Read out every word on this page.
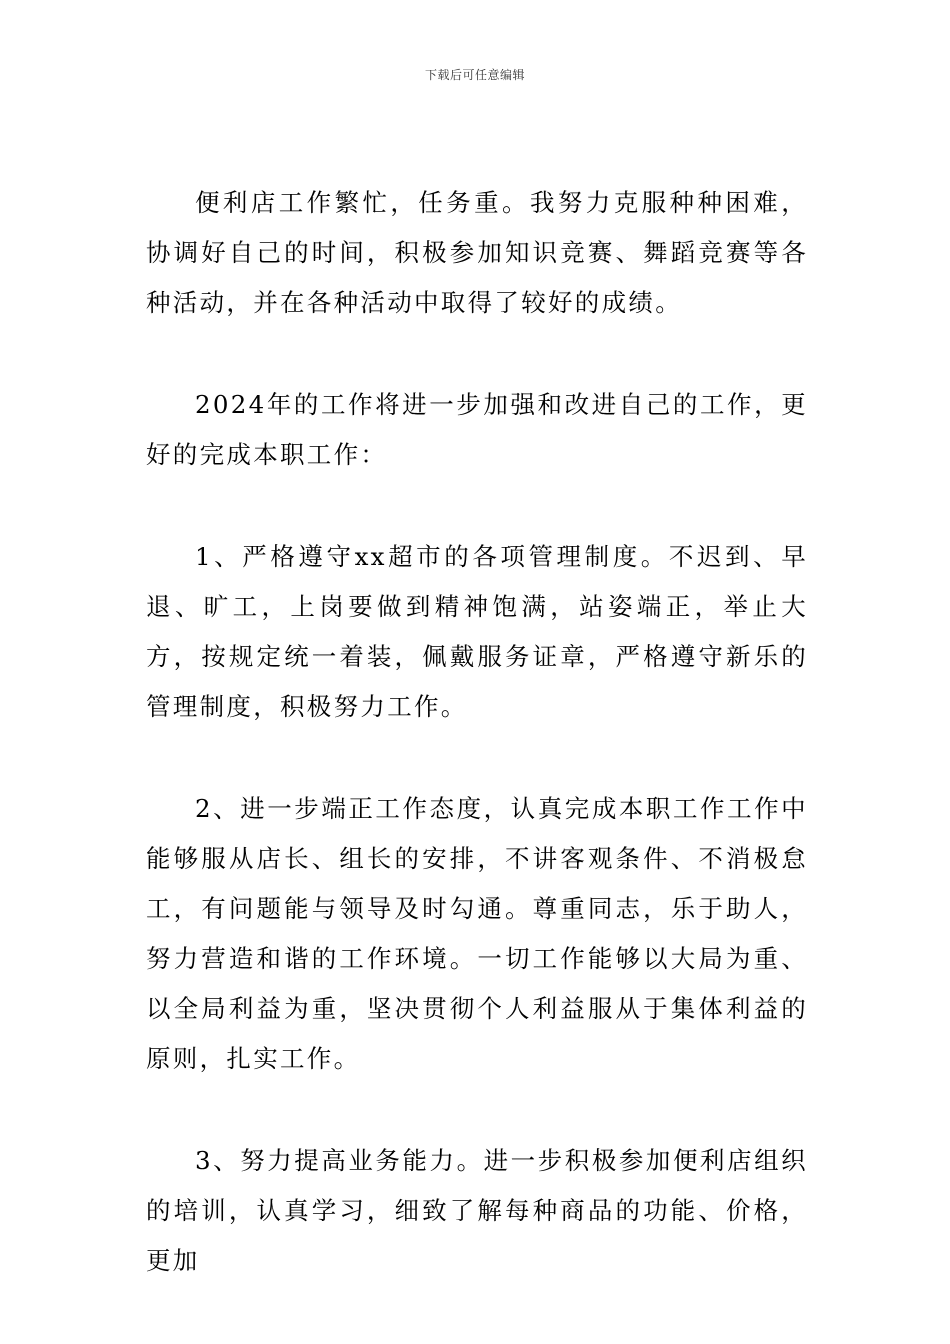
下载后可任意编辑

便利店工作繁忙，任务重。我努力克服种种困难，协调好自己的时间，积极参加知识竞赛、舞蹈竞赛等各种活动，并在各种活动中取得了较好的成绩。

2024年的工作将进一步加强和改进自己的工作，更好的完成本职工作：

1、严格遵守xx超市的各项管理制度。不迟到、早退、旷工，上岗要做到精神饱满，站姿端正，举止大方，按规定统一着装，佩戴服务证章，严格遵守新乐的管理制度，积极努力工作。

2、进一步端正工作态度，认真完成本职工作工作中能够服从店长、组长的安排，不讲客观条件、不消极怠工，有问题能与领导及时勾通。尊重同志，乐于助人，努力营造和谐的工作环境。一切工作能够以大局为重、以全局利益为重，坚决贯彻个人利益服从于集体利益的原则，扎实工作。

3、努力提高业务能力。进一步积极参加便利店组织的培训，认真学习，细致了解每种商品的功能、价格，更加
